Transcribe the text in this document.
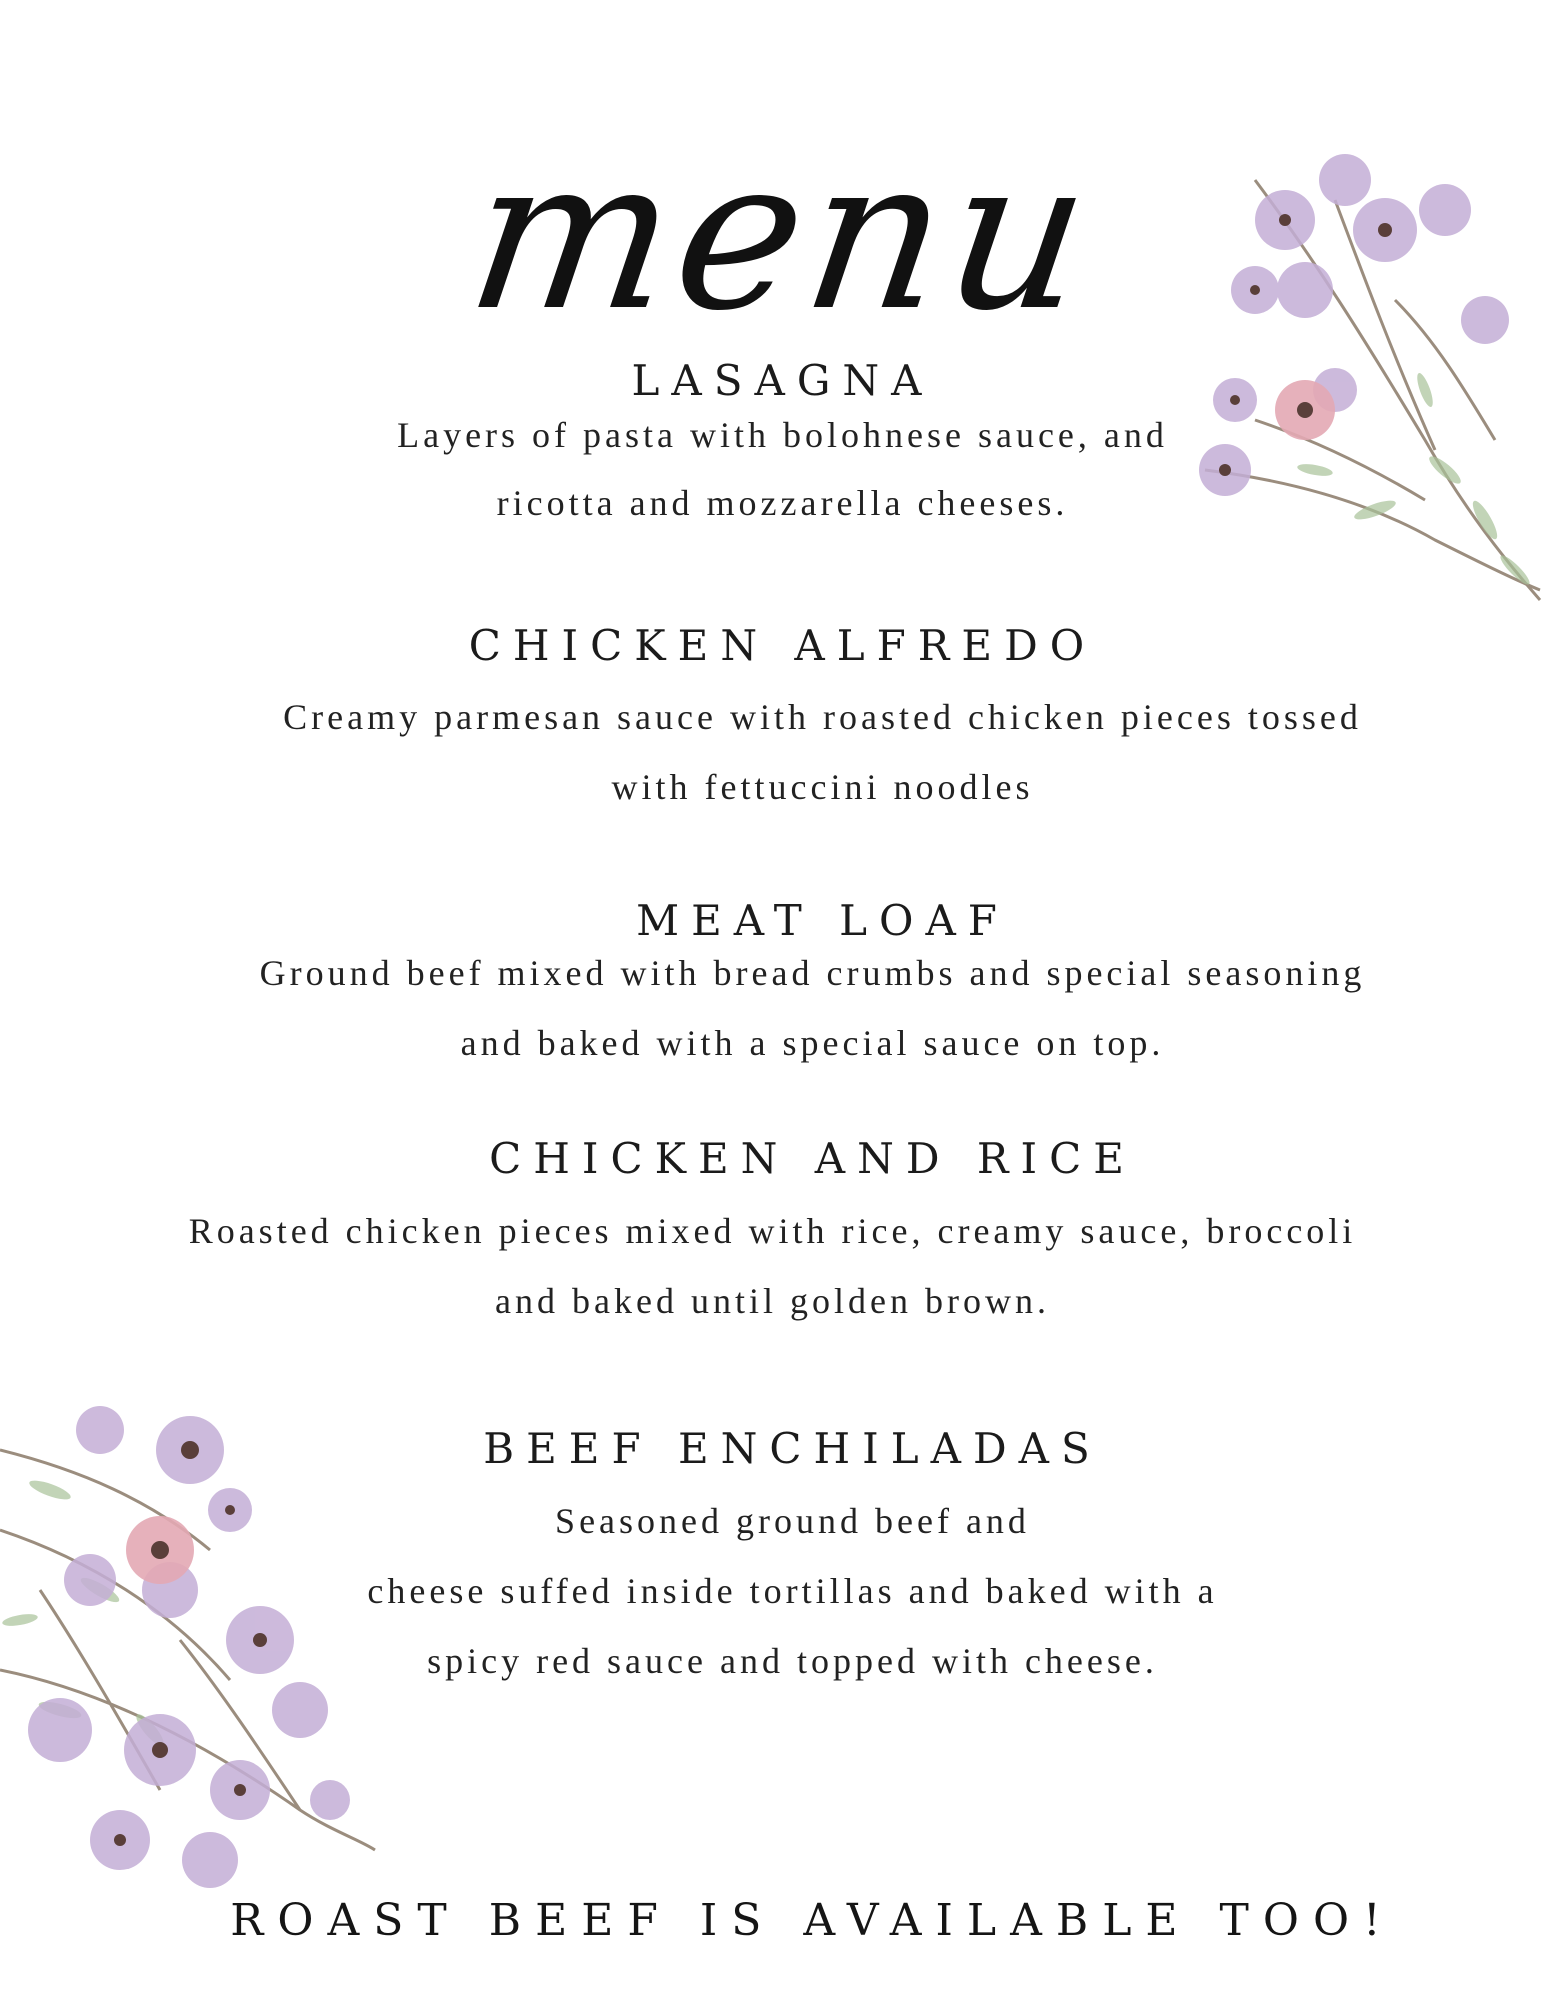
menu
LASAGNA
Layers of pasta with bolohnese sauce, and
ricotta and mozzarella cheeses.
CHICKEN ALFREDO
Creamy parmesan sauce with roasted chicken pieces tossed
with fettuccini noodles
MEAT LOAF
Ground beef mixed with bread crumbs and special seasoning
and baked with a special sauce on top.
CHICKEN AND RICE
Roasted chicken pieces mixed with rice, creamy sauce, broccoli
and baked until golden brown.
BEEF ENCHILADAS
Seasoned ground beef and
cheese suffed inside tortillas and baked with a
spicy red sauce and topped with cheese.
ROAST BEEF IS AVAILABLE TOO!
